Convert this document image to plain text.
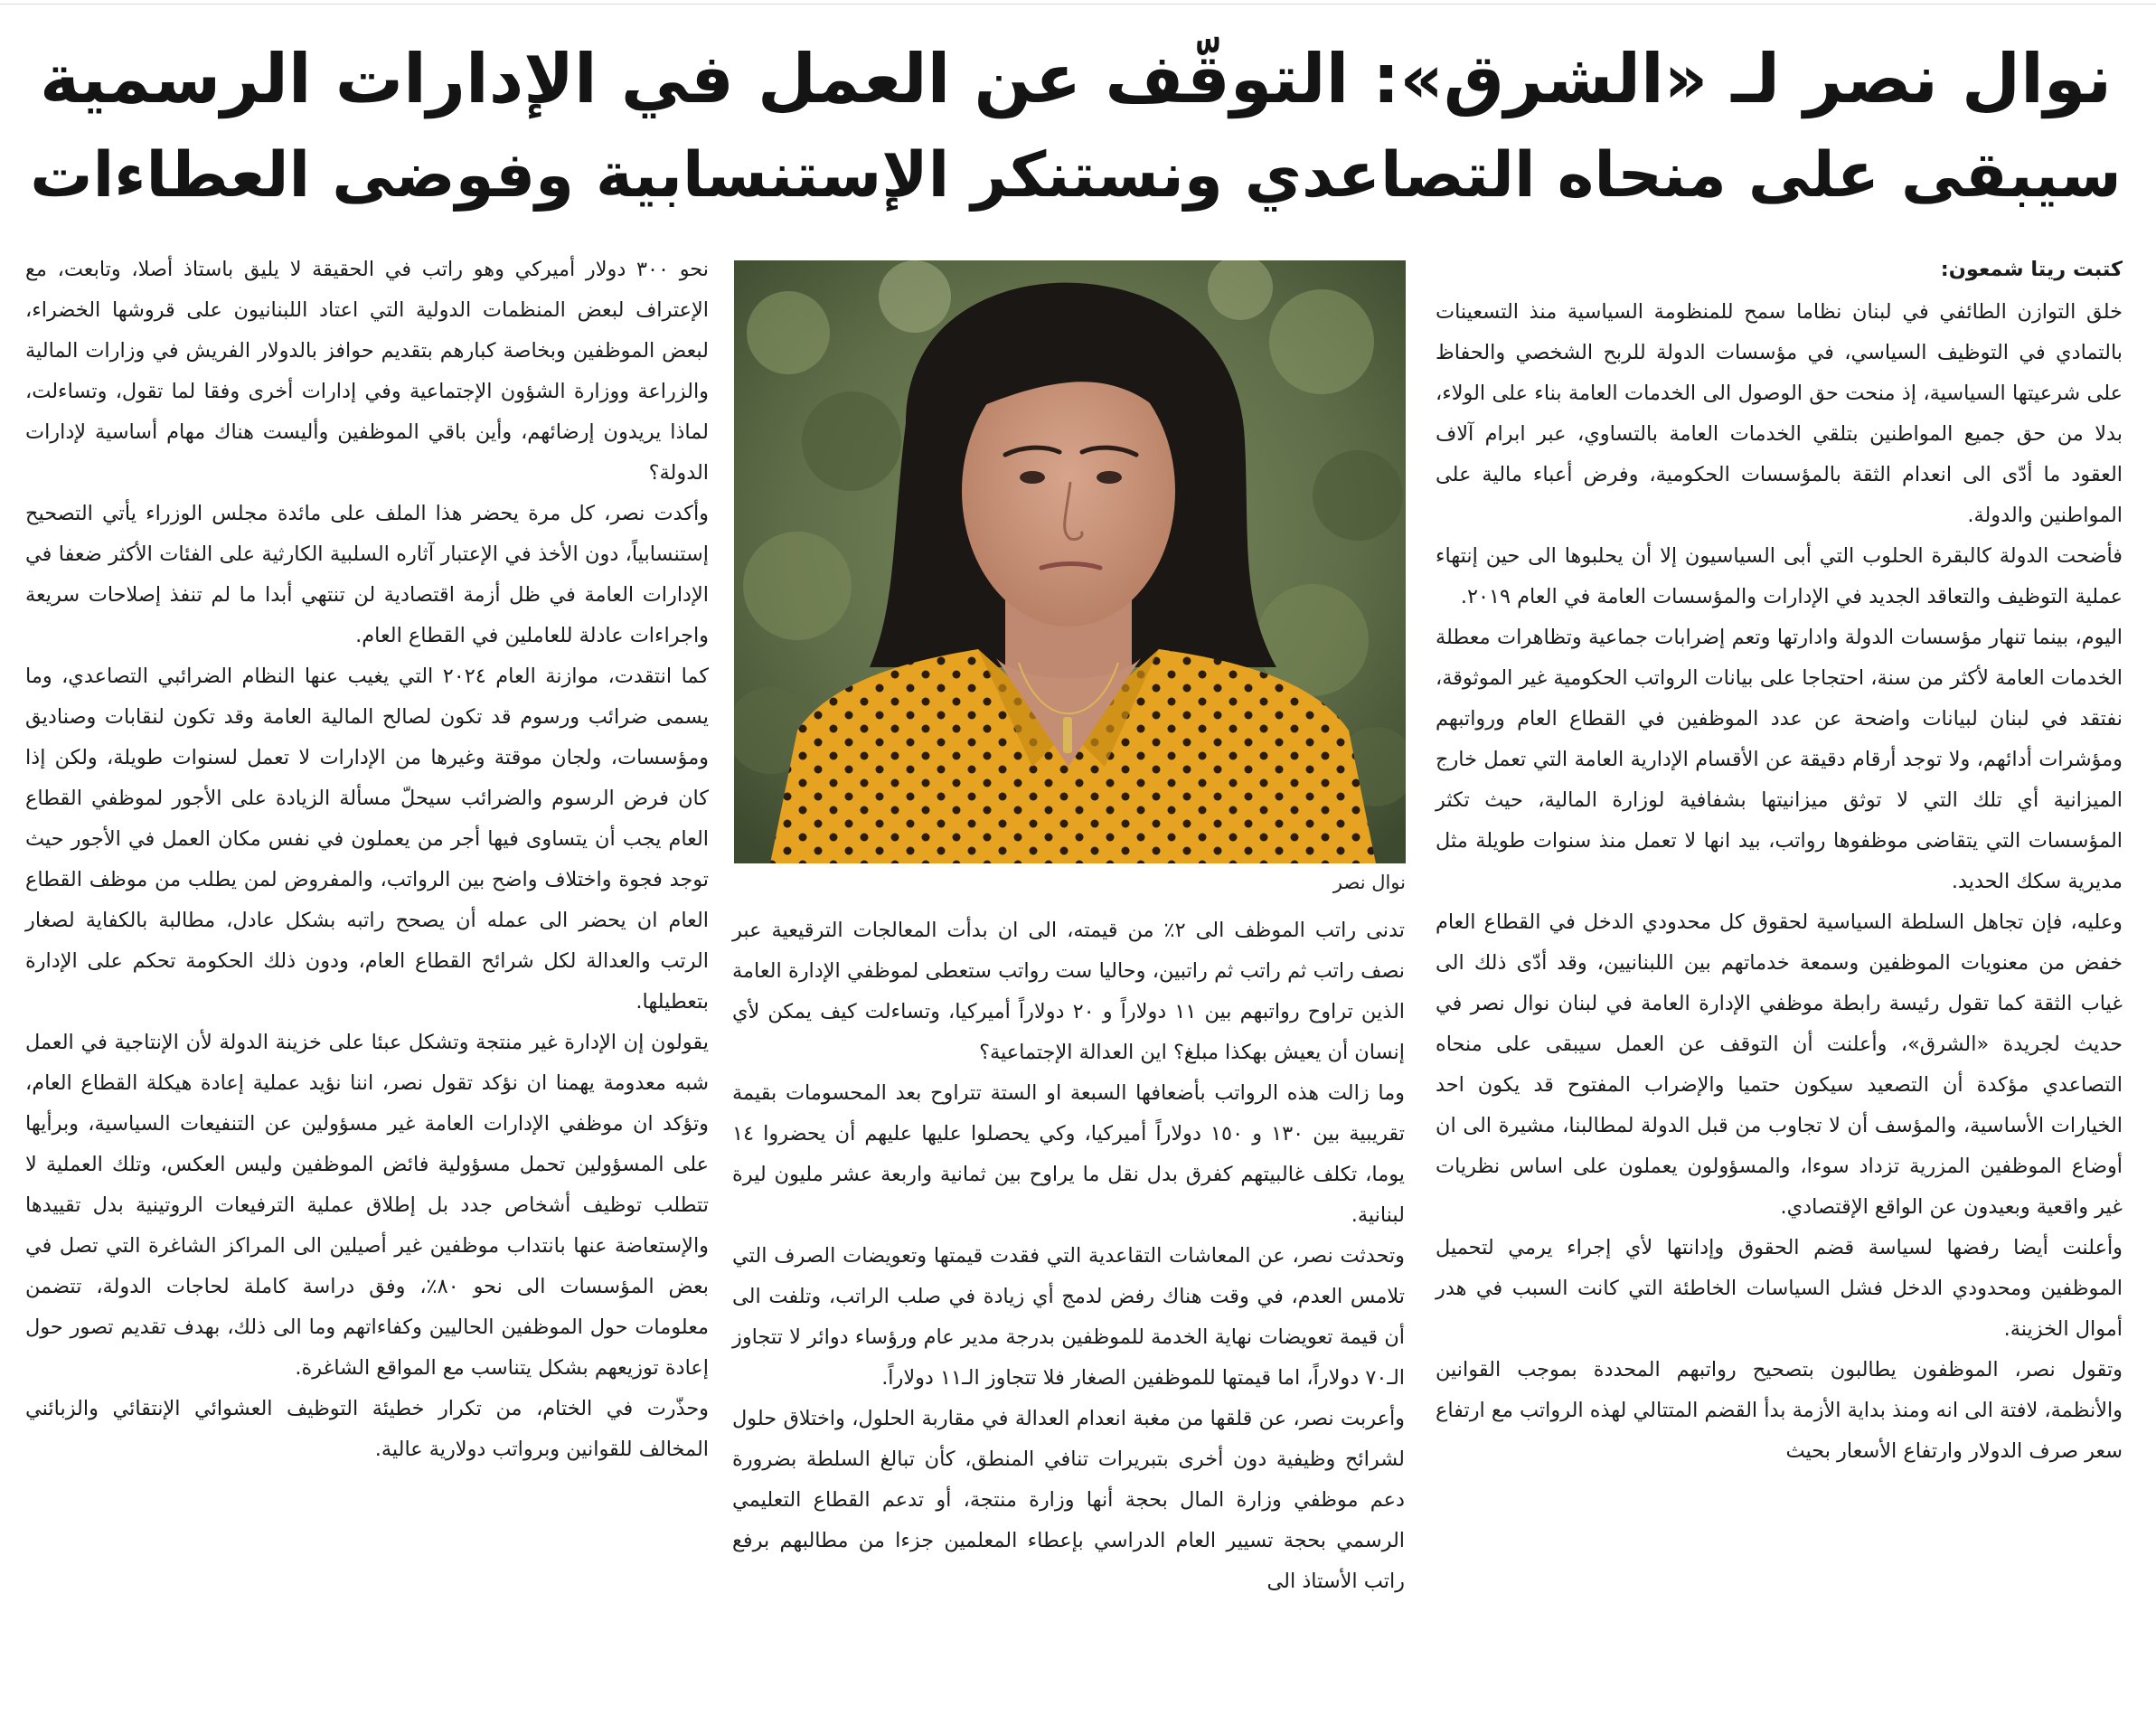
نوال نصر لـ «الشرق»: التوقّف عن العمل في الإدارات الرسمية
سيبقى على منحاه التصاعدي ونستنكر الإستنسابية وفوضى العطاءات

كتبت ريتا شمعون:

خلق التوازن الطائفي في لبنان نظاما سمح للمنظومة السياسية منذ التسعينات بالتمادي في التوظيف السياسي، في مؤسسات الدولة للربح الشخصي والحفاظ على شرعيتها السياسية، إذ منحت حق الوصول الى الخدمات العامة بناء على الولاء، بدلا من حق جميع المواطنين بتلقي الخدمات العامة بالتساوي، عبر ابرام آلاف العقود ما أدّى الى انعدام الثقة بالمؤسسات الحكومية، وفرض أعباء مالية على المواطنين والدولة.

فأضحت الدولة كالبقرة الحلوب التي أبى السياسيون إلا أن يحلبوها الى حين إنتهاء عملية التوظيف والتعاقد الجديد في الإدارات والمؤسسات العامة في العام ٢٠١٩.

اليوم، بينما تنهار مؤسسات الدولة وادارتها وتعم إضرابات جماعية وتظاهرات معطلة الخدمات العامة لأكثر من سنة، احتجاجا على بيانات الرواتب الحكومية غير الموثوقة، نفتقد في لبنان لبيانات واضحة عن عدد الموظفين في القطاع العام ورواتبهم ومؤشرات أدائهم، ولا توجد أرقام دقيقة عن الأقسام الإدارية العامة التي تعمل خارج الميزانية أي تلك التي لا توثق ميزانيتها بشفافية لوزارة المالية، حيث تكثر المؤسسات التي يتقاضى موظفوها رواتب، بيد انها لا تعمل منذ سنوات طويلة مثل مديرية سكك الحديد.

وعليه، فإن تجاهل السلطة السياسية لحقوق كل محدودي الدخل في القطاع العام خفض من معنويات الموظفين وسمعة خدماتهم بين اللبنانيين، وقد أدّى ذلك الى غياب الثقة كما تقول رئيسة رابطة موظفي الإدارة العامة في لبنان نوال نصر في حديث لجريدة «الشرق»، وأعلنت أن التوقف عن العمل سيبقى على منحاه التصاعدي مؤكدة أن التصعيد سيكون حتميا والإضراب المفتوح قد يكون احد الخيارات الأساسية، والمؤسف أن لا تجاوب من قبل الدولة لمطالبنا، مشيرة الى ان أوضاع الموظفين المزرية تزداد سوءا، والمسؤولون يعملون على اساس نظريات غير واقعية وبعيدون عن الواقع الإقتصادي.

وأعلنت أيضا رفضها لسياسة قضم الحقوق وإدانتها لأي إجراء يرمي لتحميل الموظفين ومحدودي الدخل فشل السياسات الخاطئة التي كانت السبب في هدر أموال الخزينة.

وتقول نصر، الموظفون يطالبون بتصحيح رواتبهم المحددة بموجب القوانين والأنظمة، لافتة الى انه ومنذ بداية الأزمة بدأ القضم المتتالي لهذه الرواتب مع ارتفاع سعر صرف الدولار وارتفاع الأسعار بحيث

نوال نصر

تدنى راتب الموظف الى ٢٪ من قيمته، الى ان بدأت المعالجات الترقيعية عبر نصف راتب ثم راتب ثم راتبين، وحاليا ست رواتب ستعطى لموظفي الإدارة العامة الذين تراوح رواتبهم بين ١١ دولاراً و ٢٠ دولاراً أميركيا، وتساءلت كيف يمكن لأي إنسان أن يعيش بهكذا مبلغ؟ اين العدالة الإجتماعية؟

وما زالت هذه الرواتب بأضعافها السبعة او الستة تتراوح بعد المحسومات بقيمة تقريبية بين ١٣٠ و ١٥٠ دولاراً أميركيا، وكي يحصلوا عليها عليهم أن يحضروا ١٤ يوما، تكلف غالبيتهم كفرق بدل نقل ما يراوح بين ثمانية واربعة عشر مليون ليرة لبنانية.

وتحدثت نصر، عن المعاشات التقاعدية التي فقدت قيمتها وتعويضات الصرف التي تلامس العدم، في وقت هناك رفض لدمج أي زيادة في صلب الراتب، وتلفت الى أن قيمة تعويضات نهاية الخدمة للموظفين بدرجة مدير عام ورؤساء دوائر لا تتجاوز الـ٧٠ دولاراً، اما قيمتها للموظفين الصغار فلا تتجاوز الـ١١ دولاراً.

وأعربت نصر، عن قلقها من مغبة انعدام العدالة في مقاربة الحلول، واختلاق حلول لشرائح وظيفية دون أخرى بتبريرات تنافي المنطق، كأن تبالغ السلطة بضرورة دعم موظفي وزارة المال بحجة أنها وزارة منتجة، أو تدعم القطاع التعليمي الرسمي بحجة تسيير العام الدراسي بإعطاء المعلمين جزءا من مطالبهم برفع راتب الأستاذ الى

نحو ٣٠٠ دولار أميركي وهو راتب في الحقيقة لا يليق باستاذ أصلا، وتابعت، مع الإعتراف لبعض المنظمات الدولية التي اعتاد اللبنانيون على قروشها الخضراء، لبعض الموظفين وبخاصة كبارهم بتقديم حوافز بالدولار الفريش في وزارات المالية والزراعة ووزارة الشؤون الإجتماعية وفي إدارات أخرى وفقا لما تقول، وتساءلت، لماذا يريدون إرضائهم، وأين باقي الموظفين وأليست هناك مهام أساسية لإدارات الدولة؟

وأكدت نصر، كل مرة يحضر هذا الملف على مائدة مجلس الوزراء يأتي التصحيح إستنسابياً، دون الأخذ في الإعتبار آثاره السلبية الكارثية على الفئات الأكثر ضعفا في الإدارات العامة في ظل أزمة اقتصادية لن تنتهي أبدا ما لم تنفذ إصلاحات سريعة واجراءات عادلة للعاملين في القطاع العام.

كما انتقدت، موازنة العام ٢٠٢٤ التي يغيب عنها النظام الضرائبي التصاعدي، وما يسمى ضرائب ورسوم قد تكون لصالح المالية العامة وقد تكون لنقابات وصناديق ومؤسسات، ولجان موقتة وغيرها من الإدارات لا تعمل لسنوات طويلة، ولكن إذا كان فرض الرسوم والضرائب سيحلّ مسألة الزيادة على الأجور لموظفي القطاع العام يجب أن يتساوى فيها أجر من يعملون في نفس مكان العمل في الأجور حيث توجد فجوة واختلاف واضح بين الرواتب، والمفروض لمن يطلب من موظف القطاع العام ان يحضر الى عمله أن يصحح راتبه بشكل عادل، مطالبة بالكفاية لصغار الرتب والعدالة لكل شرائح القطاع العام، ودون ذلك الحكومة تحكم على الإدارة بتعطيلها.

يقولون إن الإدارة غير منتجة وتشكل عبئا على خزينة الدولة لأن الإنتاجية في العمل شبه معدومة يهمنا ان نؤكد تقول نصر، اننا نؤيد عملية إعادة هيكلة القطاع العام، وتؤكد ان موظفي الإدارات العامة غير مسؤولين عن التنفيعات السياسية، وبرأيها على المسؤولين تحمل مسؤولية فائض الموظفين وليس العكس، وتلك العملية لا تتطلب توظيف أشخاص جدد بل إطلاق عملية الترفيعات الروتينية بدل تقييدها والإستعاضة عنها بانتداب موظفين غير أصيلين الى المراكز الشاغرة التي تصل في بعض المؤسسات الى نحو ٨٠٪، وفق دراسة كاملة لحاجات الدولة، تتضمن معلومات حول الموظفين الحاليين وكفاءاتهم وما الى ذلك، بهدف تقديم تصور حول إعادة توزيعهم بشكل يتناسب مع المواقع الشاغرة.

وحذّرت في الختام، من تكرار خطيئة التوظيف العشوائي الإنتقائي والزبائني المخالف للقوانين وبرواتب دولارية عالية.
